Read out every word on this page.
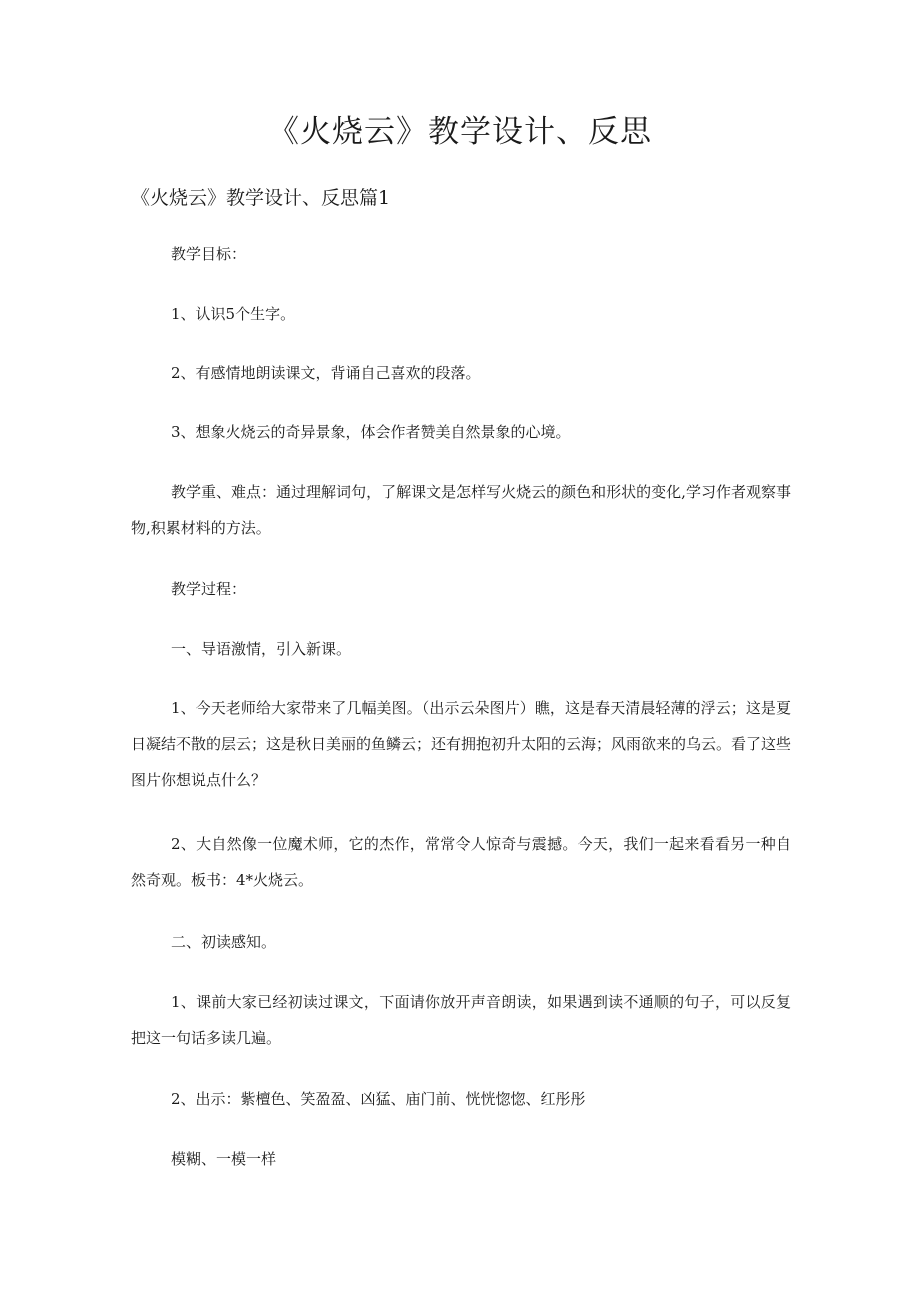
《火烧云》教学设计、反思
《火烧云》教学设计、反思篇1

教学目标：

1、认识5个生字。

2、有感情地朗读课文，背诵自己喜欢的段落。

3、想象火烧云的奇异景象，体会作者赞美自然景象的心境。

教学重、难点：通过理解词句，了解课文是怎样写火烧云的颜色和形状的变化,学习作者观察事物,积累材料的方法。

教学过程：

一、导语激情，引入新课。

1、今天老师给大家带来了几幅美图。（出示云朵图片）瞧，这是春天清晨轻薄的浮云；这是夏日凝结不散的层云；这是秋日美丽的鱼鳞云；还有拥抱初升太阳的云海；风雨欲来的乌云。看了这些图片你想说点什么？

2、大自然像一位魔术师，它的杰作，常常令人惊奇与震撼。今天，我们一起来看看另一种自然奇观。板书：4*火烧云。

二、初读感知。

1、课前大家已经初读过课文，下面请你放开声音朗读，如果遇到读不通顺的句子，可以反复把这一句话多读几遍。

2、出示：紫檀色、笑盈盈、凶猛、庙门前、恍恍惚惚、红彤彤

模糊、一模一样
